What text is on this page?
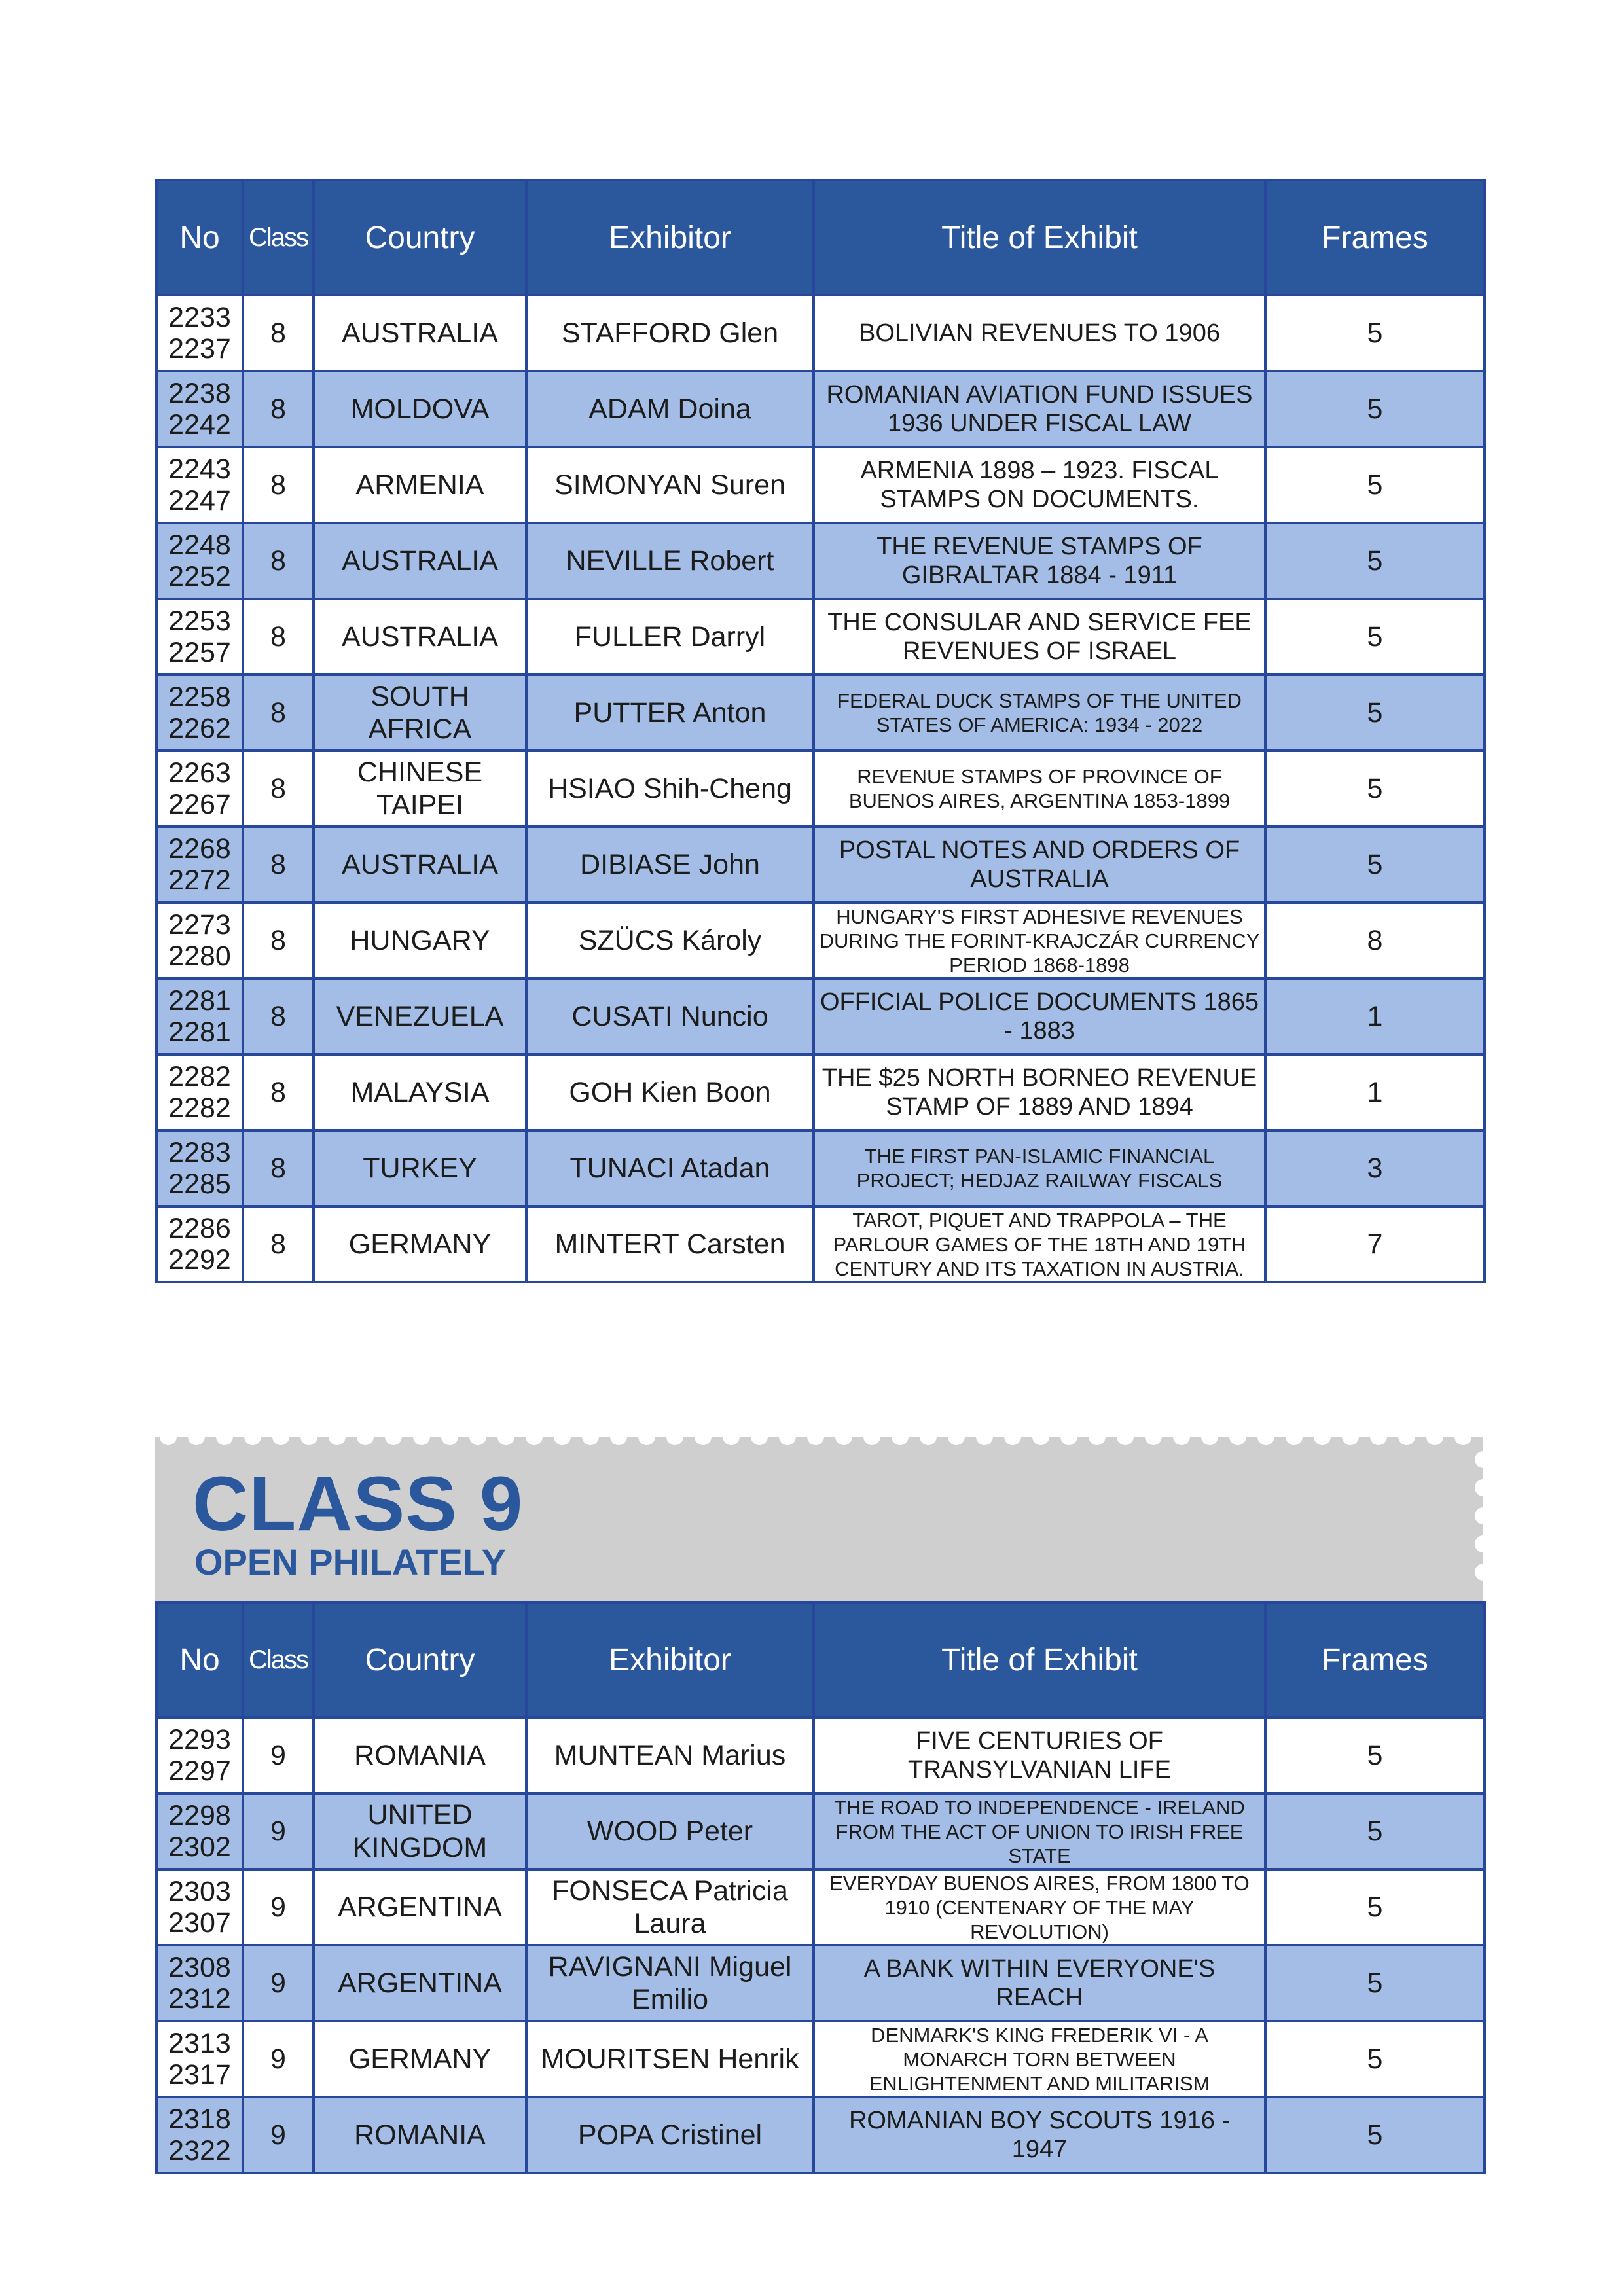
No	Class	Country	Exhibitor	Title of Exhibit	Frames

2233
2237	8	AUSTRALIA	STAFFORD Glen	BOLIVIAN REVENUES TO 1906	5

2238
2242	8	MOLDOVA	ADAM Doina	ROMANIAN AVIATION FUND ISSUES 1936 UNDER FISCAL LAW	5

2243
2247	8	ARMENIA	SIMONYAN Suren	ARMENIA 1898 – 1923. FISCAL STAMPS ON DOCUMENTS.	5

2248
2252	8	AUSTRALIA	NEVILLE Robert	THE REVENUE STAMPS OF GIBRALTAR 1884 - 1911	5

2253
2257	8	AUSTRALIA	FULLER Darryl	THE CONSULAR AND SERVICE FEE REVENUES OF ISRAEL	5

2258
2262	8	SOUTH AFRICA	PUTTER Anton	FEDERAL DUCK STAMPS OF THE UNITED STATES OF AMERICA: 1934 - 2022	5

2263
2267	8	CHINESE TAIPEI	HSIAO Shih-Cheng	REVENUE STAMPS OF PROVINCE OF BUENOS AIRES, ARGENTINA 1853-1899	5

2268
2272	8	AUSTRALIA	DIBIASE John	POSTAL NOTES AND ORDERS OF AUSTRALIA	5

2273
2280	8	HUNGARY	SZÜCS Károly	HUNGARY'S FIRST ADHESIVE REVENUES DURING THE FORINT-KRAJCZÁR CURRENCY PERIOD 1868-1898	8

2281
2281	8	VENEZUELA	CUSATI Nuncio	OFFICIAL POLICE DOCUMENTS 1865 - 1883	1

2282
2282	8	MALAYSIA	GOH Kien Boon	THE $25 NORTH BORNEO REVENUE STAMP OF 1889 AND 1894	1

2283
2285	8	TURKEY	TUNACI Atadan	THE FIRST PAN-ISLAMIC FINANCIAL PROJECT; HEDJAZ RAILWAY FISCALS	3

2286
2292	8	GERMANY	MINTERT Carsten	TAROT, PIQUET AND TRAPPOLA – THE PARLOUR GAMES OF THE 18TH AND 19TH CENTURY AND ITS TAXATION IN AUSTRIA.	7
CLASS 9
OPEN PHILATELY
No	Class	Country	Exhibitor	Title of Exhibit	Frames

2293
2297	9	ROMANIA	MUNTEAN Marius	FIVE CENTURIES OF TRANSYLVANIAN LIFE	5

2298
2302	9	UNITED KINGDOM	WOOD Peter	THE ROAD TO INDEPENDENCE - IRELAND FROM THE ACT OF UNION TO IRISH FREE STATE	5

2303
2307	9	ARGENTINA	FONSECA Patricia Laura	EVERYDAY BUENOS AIRES, FROM 1800 TO 1910 (CENTENARY OF THE MAY REVOLUTION)	5

2308
2312	9	ARGENTINA	RAVIGNANI Miguel Emilio	A BANK WITHIN EVERYONE'S REACH	5

2313
2317	9	GERMANY	MOURITSEN Henrik	DENMARK'S KING FREDERIK VI - A MONARCH TORN BETWEEN ENLIGHTENMENT AND MILITARISM	5

2318
2322	9	ROMANIA	POPA Cristinel	ROMANIAN BOY SCOUTS 1916 - 1947	5
